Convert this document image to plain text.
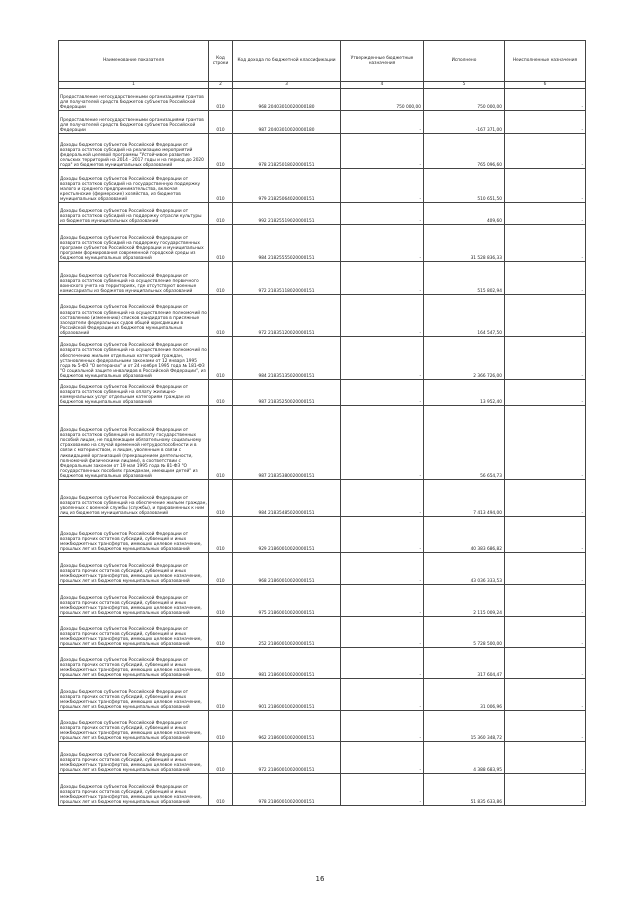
Наименование показателя	Код строки	Код дохода по бюджетной классификации	Утвержденные бюджетные назначения	Исполнено	Неисполненные назначения
1	2	3	4	5	6
Предоставление негосударственными организациями грантов для получателей средств бюджетов субъектов Российской Федерации	010	968 20403010020000180	750 000,00	750 000,00	-
Предоставление негосударственными организациями грантов для получателей средств бюджетов субъектов Российской Федерации	010	987 20403010020000180	-	-167 371,00	-
Доходы бюджетов субъектов Российской Федерации от возврата остатков субсидий на реализацию мероприятий федеральной целевой программы "Устойчивое развитие сельских территорий на 2014 - 2017 годы и на период до 2020 года" из бюджетов муниципальных образований	010	978 21825018020000151	-	765 096,60	-
Доходы бюджетов субъектов Российской Федерации от возврата остатков субсидий на государственную поддержку малого и среднего предпринимательства, включая крестьянские (фермерские) хозяйства, из бюджетов муниципальных образований	010	979 21825064020000151	-	510 651,50	-
Доходы бюджетов субъектов Российской Федерации от возврата остатков субсидий на поддержку отрасли культуры из бюджетов муниципальных образований	010	992 21825519020000151	-	409,60	-
Доходы бюджетов субъектов Российской Федерации от возврата остатков субсидий на поддержку государственных программ субъектов Российской Федерации и муниципальных программ формирования современной городской среды из бюджетов муниципальных образований	010	984 21825555020000151	-	31 528 836,33	-
Доходы бюджетов субъектов Российской Федерации от возврата остатков субвенций на осуществление первичного воинского учета на территориях, где отсутствуют военные комиссариаты из бюджетов муниципальных образований	010	972 21835118020000151	-	515 802,94	-
Доходы бюджетов субъектов Российской Федерации от возврата остатков субвенций на осуществление полномочий по составлению (изменению) списков кандидатов в присяжные заседатели федеральных судов общей юрисдикции в Российской Федерации из бюджетов муниципальных образований	010	972 21835120020000151	-	164 547,50	-
Доходы бюджетов субъектов Российской Федерации от возврата остатков субвенций на осуществление полномочий по обеспечению жильем отдельных категорий граждан, установленных федеральными законами от 12 января 1995 года № 5-ФЗ "О ветеранах" и от 24 ноября 1995 года № 181-ФЗ "О социальной защите инвалидов в Российской Федерации", из бюджетов муниципальных образований	010	984 21835135020000151	-	2 366 726,00	-
Доходы бюджетов субъектов Российской Федерации от возврата остатков субвенций на оплату жилищно-коммунальных услуг отдельным категориям граждан из бюджетов муниципальных образований	010	987 21835250020000151	-	13 952,40	-
Доходы бюджетов субъектов Российской Федерации от возврата остатков субвенций на выплату государственных пособий лицам, не подлежащим обязательному социальному страхованию на случай временной нетрудоспособности и в связи с материнством, и лицам, уволенным в связи с ликвидацией организаций (прекращением деятельности, полномочий физическими лицами), в соответствии с Федеральным законом от 19 мая 1995 года № 81-ФЗ "О государственных пособиях гражданам, имеющим детей" из бюджетов муниципальных образований	010	987 21835380020000151	-	56 654,73	-
Доходы бюджетов субъектов Российской Федерации от возврата остатков субвенций на обеспечение жильем граждан, уволенных с военной службы (службы), и приравненных к ним лиц из бюджетов муниципальных образований	010	984 21835485020000151	-	7 413 494,00	-
Доходы бюджетов субъектов Российской Федерации от возврата прочих остатков субсидий, субвенций и иных межбюджетных трансфертов, имеющих целевое назначение, прошлых лет из бюджетов муниципальных образований	010	929 21860010020000151	-	40 383 686,82	-
Доходы бюджетов субъектов Российской Федерации от возврата прочих остатков субсидий, субвенций и иных межбюджетных трансфертов, имеющих целевое назначение, прошлых лет из бюджетов муниципальных образований	010	968 21860010020000151	-	43 036 333,53	-
Доходы бюджетов субъектов Российской Федерации от возврата прочих остатков субсидий, субвенций и иных межбюджетных трансфертов, имеющих целевое назначение, прошлых лет из бюджетов муниципальных образований	010	975 21860010020000151	-	2 115 009,24	-
Доходы бюджетов субъектов Российской Федерации от возврата прочих остатков субсидий, субвенций и иных межбюджетных трансфертов, имеющих целевое назначение, прошлых лет из бюджетов муниципальных образований	010	252 21860010020000151	-	5 728 500,00	-
Доходы бюджетов субъектов Российской Федерации от возврата прочих остатков субсидий, субвенций и иных межбюджетных трансфертов, имеющих целевое назначение, прошлых лет из бюджетов муниципальных образований	010	981 21860010020000151	-	317 604,47	-
Доходы бюджетов субъектов Российской Федерации от возврата прочих остатков субсидий, субвенций и иных межбюджетных трансфертов, имеющих целевое назначение, прошлых лет из бюджетов муниципальных образований	010	901 21860010020000151	-	31 006,96	-
Доходы бюджетов субъектов Российской Федерации от возврата прочих остатков субсидий, субвенций и иных межбюджетных трансфертов, имеющих целевое назначение, прошлых лет из бюджетов муниципальных образований	010	962 21860010020000151	-	15 360 348,72	-
Доходы бюджетов субъектов Российской Федерации от возврата прочих остатков субсидий, субвенций и иных межбюджетных трансфертов, имеющих целевое назначение, прошлых лет из бюджетов муниципальных образований	010	972 21860010020000151	-	4 388 683,95	-
Доходы бюджетов субъектов Российской Федерации от возврата прочих остатков субсидий, субвенций и иных межбюджетных трансфертов, имеющих целевое назначение, прошлых лет из бюджетов муниципальных образований	010	978 21860010020000151	-	51 835 633,86	-
16
